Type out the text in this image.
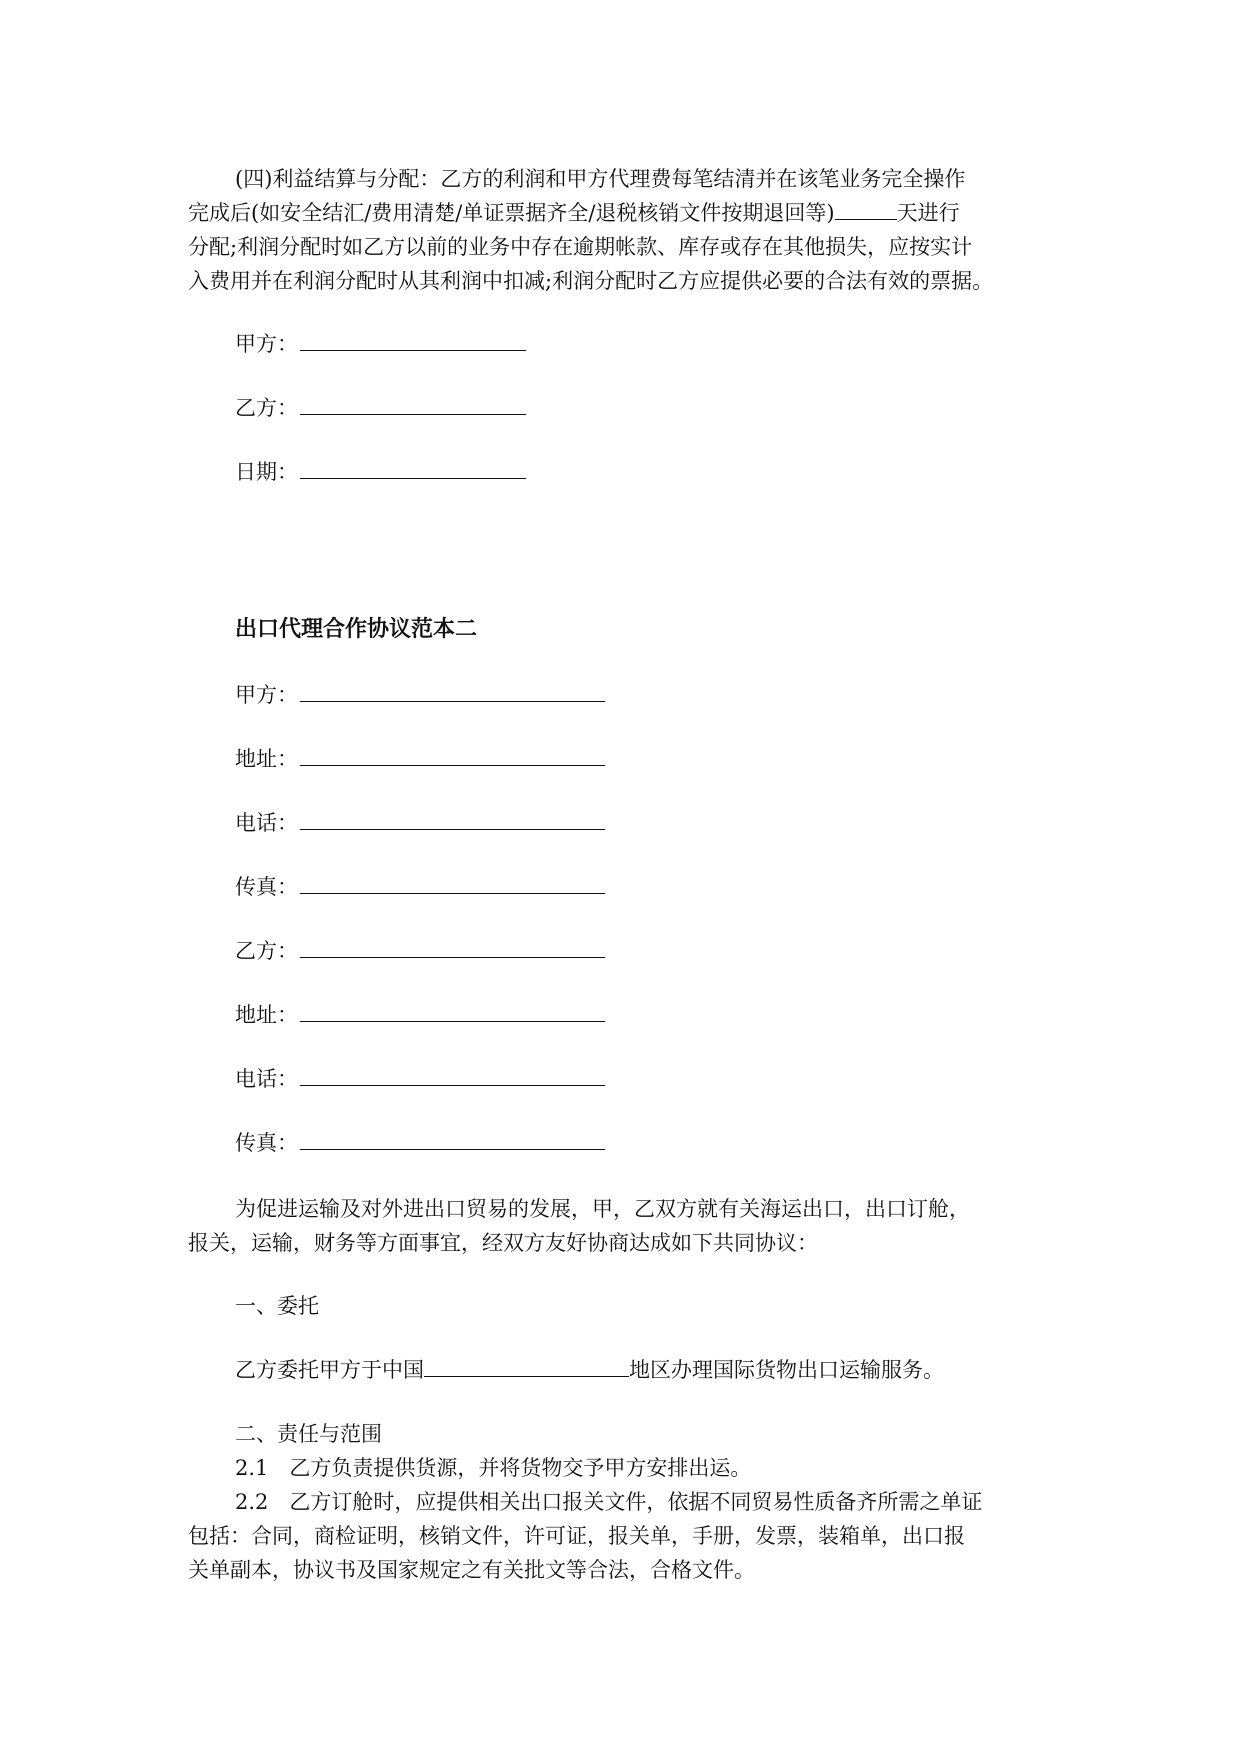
(四)利益结算与分配：乙方的利润和甲方代理费每笔结清并在该笔业务完全操作
完成后(如安全结汇/费用清楚/单证票据齐全/退税核销文件按期退回等)	天进行
分配;利润分配时如乙方以前的业务中存在逾期帐款、库存或存在其他损失，应按实计
入费用并在利润分配时从其利润中扣减;利润分配时乙方应提供必要的合法有效的票据。
甲方：
乙方：
日期：
出口代理合作协议范本二
甲方：
地址：
电话：
传真：
乙方：
地址：
电话：
传真：
为促进运输及对外进出口贸易的发展，甲，乙双方就有关海运出口，出口订舱，
报关，运输，财务等方面事宜，经双方友好协商达成如下共同协议：
一、委托
乙方委托甲方于中国	地区办理国际货物出口运输服务。
二、责任与范围
2.1　乙方负责提供货源，并将货物交予甲方安排出运。
2.2　乙方订舱时，应提供相关出口报关文件，依据不同贸易性质备齐所需之单证
包括：合同，商检证明，核销文件，许可证，报关单，手册，发票，装箱单，出口报
关单副本，协议书及国家规定之有关批文等合法，合格文件。
